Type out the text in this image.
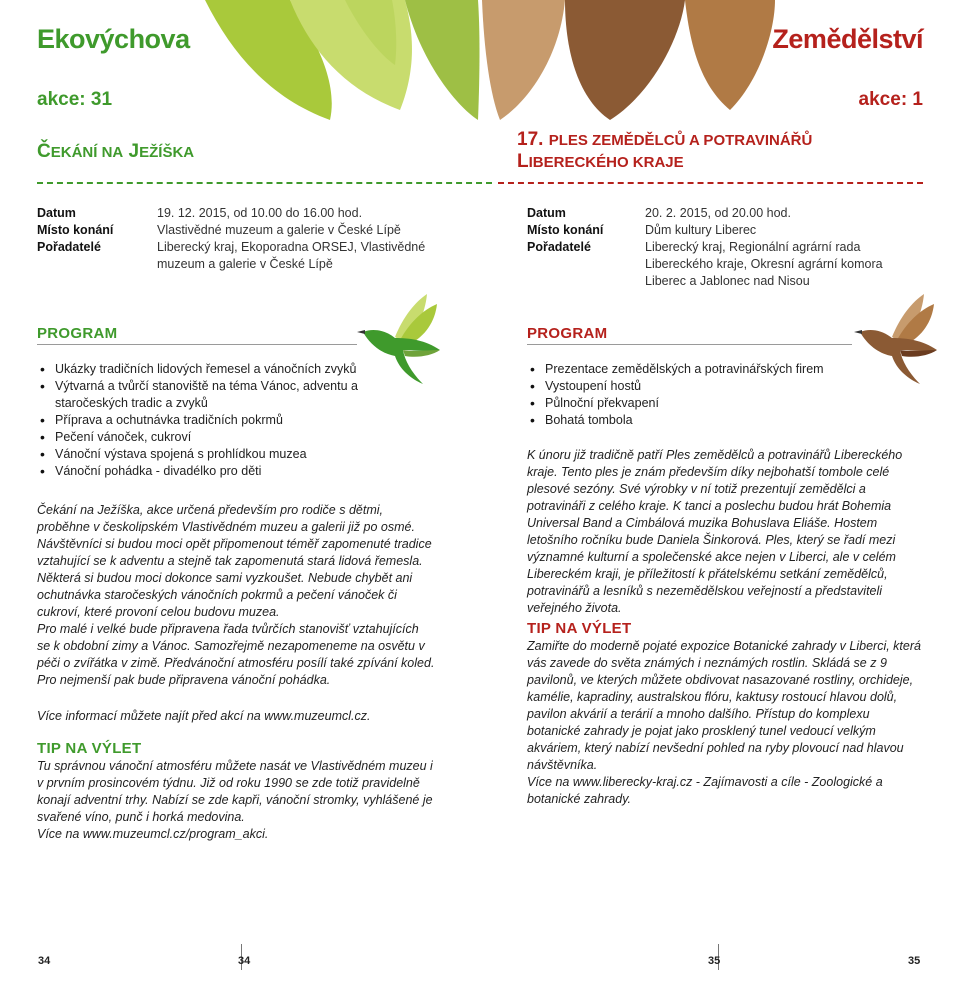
Ekovýchova
akce: 31
ČEKÁNÍ NA JEŽÍŠKA
Datum	19. 12. 2015, od 10.00 do 16.00 hod.
Místo konání	Vlastivědné muzeum a galerie v České Lípě
Pořadatelé	Liberecký kraj, Ekoporadna ORSEJ, Vlastivědné muzeum a galerie v České Lípě
PROGRAM
• Ukázky tradičních lidových řemesel a vánočních zvyků
• Výtvarná a tvůrčí stanoviště na téma Vánoc, adventu a staročeských tradic a zvyků
• Příprava a ochutnávka tradičních pokrmů
• Pečení vánoček, cukroví
• Vánoční výstava spojená s prohlídkou muzea
• Vánoční pohádka - divadélko pro děti

Čekání na Ježíška, akce určená především pro rodiče s dětmi, proběhne v českolipském Vlastivědném muzeu a galerii již po osmé. Návštěvníci si budou moci opět připomenout téměř zapomenuté tradice vztahující se k adventu a stejně tak zapomenutá stará lidová řemesla. Některá si budou moci dokonce sami vyzkoušet. Nebude chybět ani ochutnávka staročeských vánočních pokrmů a pečení vánoček či cukroví, které provoní celou budovu muzea.
Pro malé i velké bude připravena řada tvůrčích stanovišť vztahujících se k obdobní zimy a Vánoc. Samozřejmě nezapomeneme na osvětu v péči o zvířátka v zimě. Předvánoční atmosféru posílí také zpívání koled. Pro nejmenší pak bude připravena vánoční pohádka.

Více informací můžete najít před akcí na www.muzeumcl.cz.

TIP NA VÝLET

Tu správnou vánoční atmosféru můžete nasát ve Vlastivědném muzeu i v prvním prosincovém týdnu. Již od roku 1990 se zde totiž pravidelně konají adventní trhy. Nabízí se zde kapři, vánoční stromky, vyhlášené je svařené víno, punč i horká medovina.
Více na www.muzeumcl.cz/program_akci.

Zemědělství
akce: 1
17. PLES ZEMĚDĚLCŮ A POTRAVINÁŘŮ
LIBERECKÉHO KRAJE
Datum	20. 2. 2015, od 20.00 hod.
Místo konání	Dům kultury Liberec
Pořadatelé	Liberecký kraj, Regionální agrární rada Libereckého kraje, Okresní agrární komora Liberec a Jablonec nad Nisou
PROGRAM
• Prezentace zemědělských a potravinářských firem
• Vystoupení hostů
• Půlnoční překvapení
• Bohatá tombola

K únoru již tradičně patří Ples zemědělců a potravinářů Libereckého kraje. Tento ples je znám především díky nejbohatší tombole celé plesové sezóny. Své výrobky v ní totiž prezentují zemědělci a potravináři z celého kraje. K tanci a poslechu budou hrát Bohemia Universal Band a Cimbálová muzika Bohuslava Eliáše. Hostem letošního ročníku bude Daniela Šinkorová. Ples, který se řadí mezi významné kulturní a společenské akce nejen v Liberci, ale v celém Libereckém kraji, je příležitostí k přátelskému setkání zemědělců, potravinářů a lesníků s nezemědělskou veřejností a představiteli veřejného života.

TIP NA VÝLET

Zamiřte do moderně pojaté expozice Botanické zahrady v Liberci, která vás zavede do světa známých i neznámých rostlin. Skládá se z 9 pavilonů, ve kterých můžete obdivovat nasazované rostliny, orchideje, kamélie, kapradiny, australskou flóru, kaktusy rostoucí hlavou dolů, pavilon akvárií a terárií a mnoho dalšího. Přístup do komplexu botanické zahrady je pojat jako prosklený tunel vedoucí velkým akváriem, který nabízí nevšední pohled na ryby plovoucí nad hlavou návštěvníka.
Více na www.liberecky-kraj.cz - Zajímavosti a cíle - Zoologické a botanické zahrady.

34	34	35	35
